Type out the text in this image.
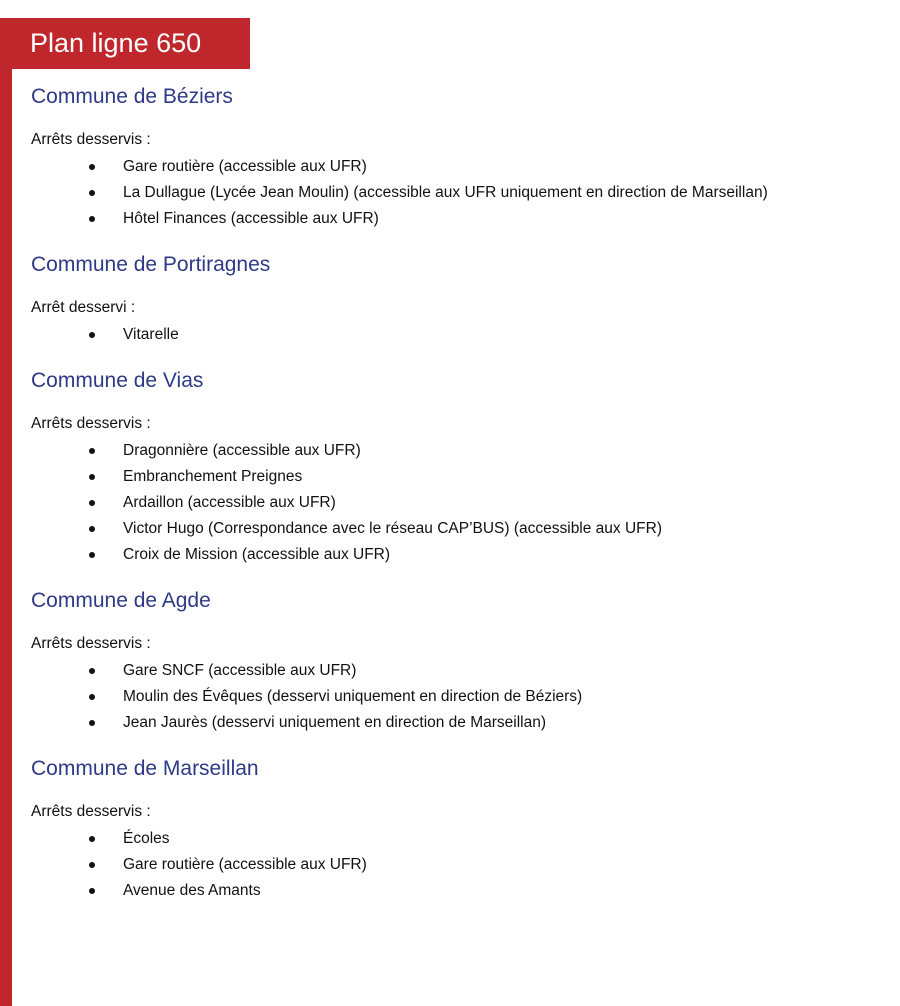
Plan ligne 650
Commune de Béziers
Arrêts desservis :
Gare routière (accessible aux UFR)
La Dullague (Lycée Jean Moulin) (accessible aux UFR uniquement en direction de Marseillan)
Hôtel Finances (accessible aux UFR)
Commune de Portiragnes
Arrêt desservi :
Vitarelle
Commune de Vias
Arrêts desservis :
Dragonnière (accessible aux UFR)
Embranchement Preignes
Ardaillon (accessible aux UFR)
Victor Hugo (Correspondance avec le réseau CAP’BUS) (accessible aux UFR)
Croix de Mission (accessible aux UFR)
Commune de Agde
Arrêts desservis :
Gare SNCF (accessible aux UFR)
Moulin des Évêques (desservi uniquement en direction de Béziers)
Jean Jaurès (desservi uniquement en direction de Marseillan)
Commune de Marseillan
Arrêts desservis :
Écoles
Gare routière (accessible aux UFR)
Avenue des Amants
